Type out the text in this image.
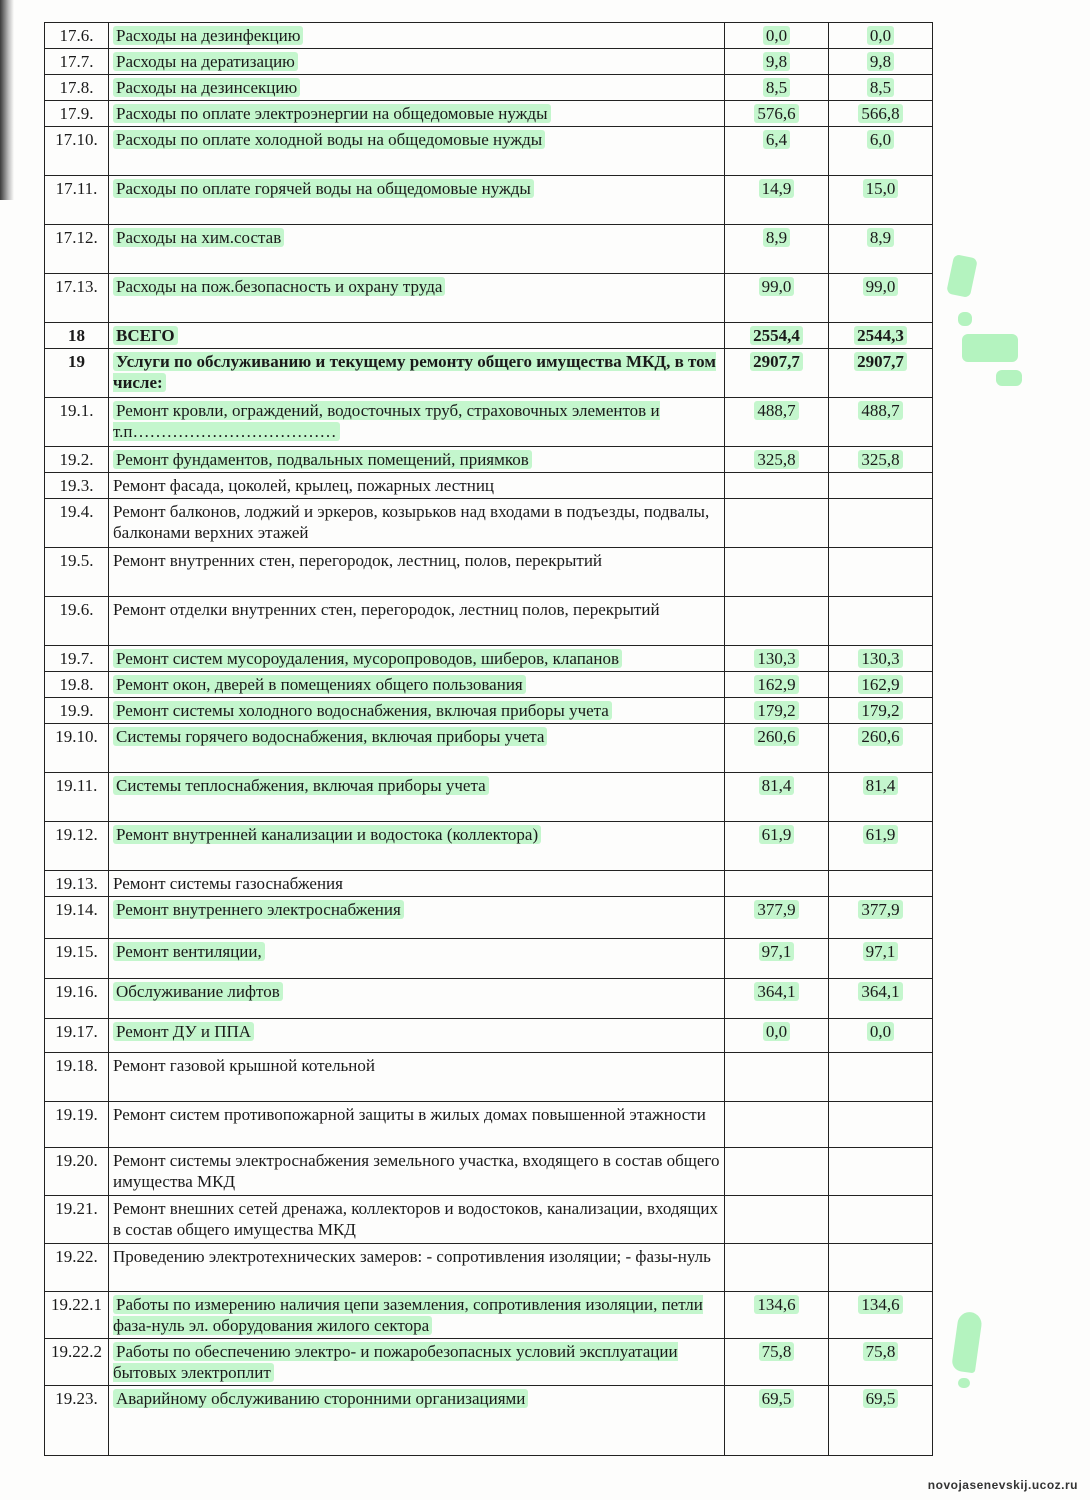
17.6.	Расходы на дезинфекцию	0,0	0,0
17.7.	Расходы на дератизацию	9,8	9,8
17.8.	Расходы на дезинсекцию	8,5	8,5
17.9.	Расходы по оплате электроэнергии на общедомовые нужды	576,6	566,8
17.10.	Расходы по оплате холодной воды на общедомовые нужды	6,4	6,0
17.11.	Расходы по оплате горячей воды на общедомовые нужды	14,9	15,0
17.12.	Расходы на хим.состав	8,9	8,9
17.13.	Расходы на пож.безопасность и охрану труда	99,0	99,0
18	ВСЕГО	2554,4	2544,3
19	Услуги по обслуживанию и текущему ремонту общего имущества МКД, в том числе:	2907,7	2907,7
19.1.	Ремонт кровли, ограждений, водосточных труб, страховочных элементов и т.п………………………………	488,7	488,7
19.2.	Ремонт фундаментов, подвальных помещений, приямков	325,8	325,8
19.3.	Ремонт фасада, цоколей, крылец, пожарных лестниц		
19.4.	Ремонт балконов, лоджий и эркеров, козырьков над входами в подъезды, подвалы, балконами верхних этажей		
19.5.	Ремонт внутренних стен, перегородок, лестниц, полов, перекрытий		
19.6.	Ремонт отделки внутренних стен, перегородок, лестниц полов, перекрытий		
19.7.	Ремонт систем мусороудаления, мусоропроводов, шиберов, клапанов	130,3	130,3
19.8.	Ремонт окон, дверей в помещениях общего пользования	162,9	162,9
19.9.	Ремонт системы холодного водоснабжения, включая приборы учета	179,2	179,2
19.10.	Системы горячего водоснабжения, включая приборы учета	260,6	260,6
19.11.	Системы теплоснабжения, включая приборы учета	81,4	81,4
19.12.	Ремонт внутренней канализации и водостока (коллектора)	61,9	61,9
19.13.	Ремонт системы газоснабжения		
19.14.	Ремонт внутреннего электроснабжения	377,9	377,9
19.15.	Ремонт вентиляции,	97,1	97,1
19.16.	Обслуживание лифтов	364,1	364,1
19.17.	Ремонт ДУ и ППА	0,0	0,0
19.18.	Ремонт газовой крышной котельной		
19.19.	Ремонт систем противопожарной защиты в жилых домах повышенной этажности		
19.20.	Ремонт системы электроснабжения земельного участка, входящего в состав общего имущества МКД		
19.21.	Ремонт внешних сетей дренажа, коллекторов и водостоков, канализации, входящих в состав общего имущества МКД		
19.22.	Проведению электротехнических замеров: - сопротивления изоляции; - фазы-нуль		
19.22.1	Работы по измерению наличия цепи заземления, сопротивления изоляции, петли фаза-нуль эл. оборудования жилого сектора	134,6	134,6
19.22.2	Работы по обеспечению электро- и пожаробезопасных условий эксплуатации бытовых электроплит	75,8	75,8
19.23.	Аварийному обслуживанию сторонними организациями	69,5	69,5
novojasenevskij.ucoz.ru
